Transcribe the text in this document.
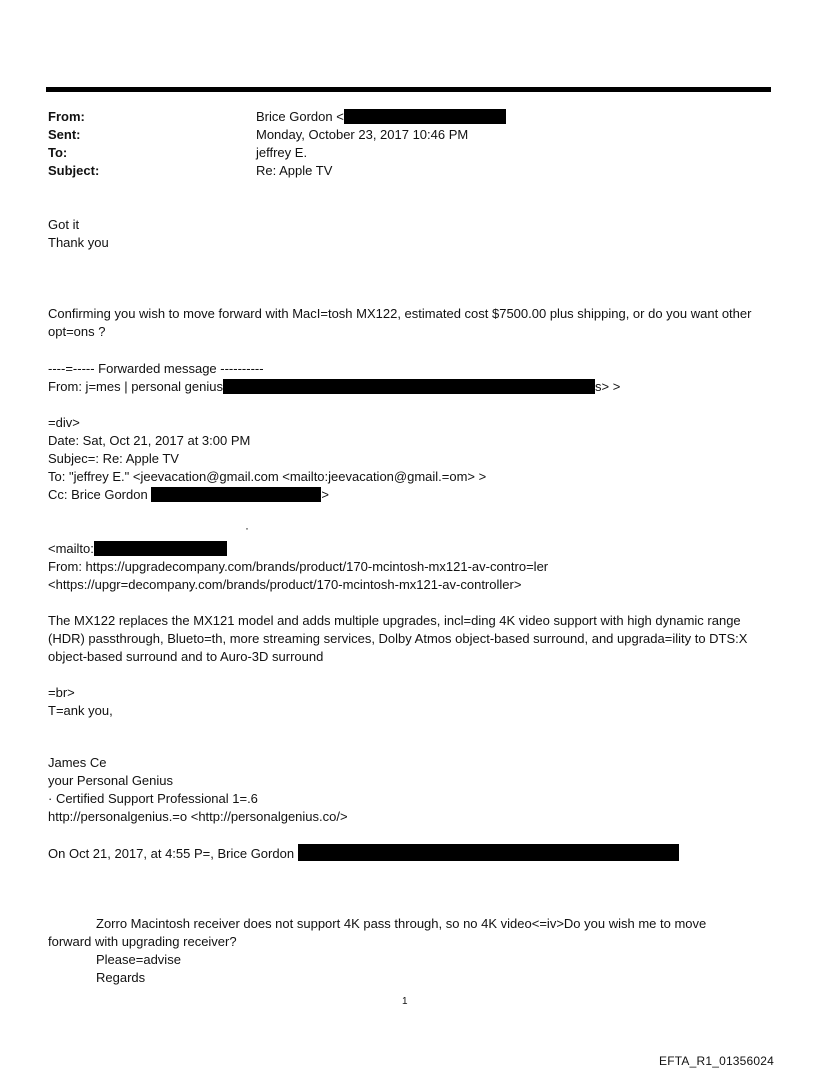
From:	Brice Gordon <
Sent:	Monday, October 23, 2017 10:46 PM
To:	jeffrey E.
Subject:	Re: Apple TV
Got it
Thank you
Confirming you wish to move forward with MacI=tosh MX122, estimated cost $7500.00 plus shipping, or do you want other opt=ons ?
----=----- Forwarded message ----------
From: j=mes | personal genius	s> >
=div>
Date: Sat, Oct 21, 2017 at 3:00 PM
Subjec=: Re: Apple TV
To: "jeffrey E." <jeevacation@gmail.com <mailto:jeevacation@gmail.=om> >
Cc: Brice Gordon	>
·
<mailto:
From: https://upgradecompany.com/brands/product/170-mcintosh-mx121-av-contro=ler
<https://upgr=decompany.com/brands/product/170-mcintosh-mx121-av-controller>
The MX122 replaces the MX121 model and adds multiple upgrades, incl=ding 4K video support with high dynamic range (HDR) passthrough, Blueto=th, more streaming services, Dolby Atmos object-based surround, and upgrada=ility to DTS:X object-based surround and to Auro-3D surround
=br>
T=ank you,
James Ce
your Personal Genius
· Certified Support Professional 1=.6
http://personalgenius.=o <http://personalgenius.co/>
On Oct 21, 2017, at 4:55 P=, Brice Gordon
Zorro Macintosh receiver does not support 4K pass through, so no 4K video<=iv>Do you wish me to move
forward with upgrading receiver?
Please=advise
Regards
1
EFTA_R1_01356024
